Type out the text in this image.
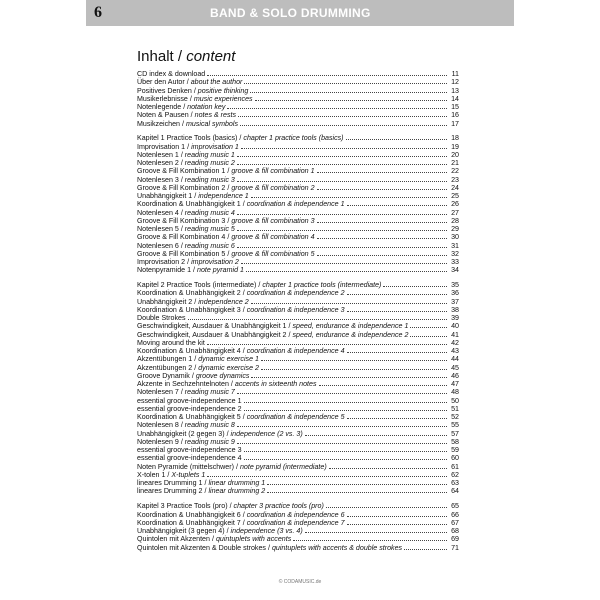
6	BAND & SOLO DRUMMING
Inhalt / content
CD index & download	11
Über den Autor / about the author	12
Positives Denken / positive thinking	13
Musikerlebnisse / music experiences	14
Notenlegende / notation key	15
Noten & Pausen / notes & rests	16
Musikzeichen / musical symbols	17
Kapitel 1 Practice Tools (basics) / chapter 1 practice tools (basics)	18
Improvisation 1 / improvisation 1	19
Notenlesen 1 / reading music 1	20
Notenlesen 2 / reading music 2	21
Groove & Fill Kombination 1 / groove & fill combination 1	22
Notenlesen 3 / reading music 3	23
Groove & Fill Kombination 2 / groove & fill combination 2	24
Unabhängigkeit 1 / independence 1	25
Koordination & Unabhängigkeit 1 / coordination & independence 1	26
Notenlesen 4 / reading music 4	27
Groove & Fill Kombination 3 / groove & fill combination 3	28
Notenlesen 5 / reading music 5	29
Groove & Fill Kombination 4 / groove & fill combination 4	30
Notenlesen 6 / reading music 6	31
Groove & Fill Kombination 5 / groove & fill combination 5	32
Improvisation 2 / improvisation 2	33
Notenpyramide 1 / note pyramid 1	34
Kapitel 2 Practice Tools (intermediate) / chapter 1 practice tools (intermediate)	35
Koordination & Unabhängigkeit 2 / coordination & independence 2	36
Unabhängigkeit 2 / independence 2	37
Koordination & Unabhängigkeit 3 / coordination & independence 3	38
Double Strokes	39
Geschwindigkeit, Ausdauer & Unabhängigkeit 1 / speed, endurance & independence 1	40
Geschwindigkeit, Ausdauer & Unabhängigkeit 2 / speed, endurance & independence 2	41
Moving around the kit	42
Koordination & Unabhängigkeit 4 / coordination & independence 4	43
Akzentübungen 1 / dynamic exercise 1	44
Akzentübungen 2 / dynamic exercise 2	45
Groove Dynamik / groove dynamics	46
Akzente in Sechzehntelnoten / accents in sixteenth notes	47
Notenlesen 7 / reading music 7	48
essential groove-independence 1	50
essential groove-independence 2	51
Koordination & Unabhängigkeit 5 / coordination & independence 5	52
Notenlesen 8 / reading music 8	55
Unabhängigkeit (2 gegen 3) / independence (2 vs. 3)	57
Notenlesen 9 / reading music 9	58
essential groove-independence 3	59
essential groove-independence 4	60
Noten Pyramide (mittelschwer) / note pyramid (intermediate)	61
X-tolen 1 / X-tuplets 1	62
lineares Drumming 1 / linear drumming 1	63
lineares Drumming 2 / linear drumming 2	64
Kapitel 3 Practice Tools (pro) / chapter 3 practice tools (pro)	65
Koordination & Unabhängigkeit 6 / coordination & independence 6	66
Koordination & Unabhängigkeit 7 / coordination & independence 7	67
Unabhängigkeit (3 gegen 4) / independence (3 vs. 4)	68
Quintolen mit Akzenten / quintuplets with accents	69
Quintolen mit Akzenten & Double strokes / quintuplets with accents & double strokes	71
© CODAMUSIC.de
